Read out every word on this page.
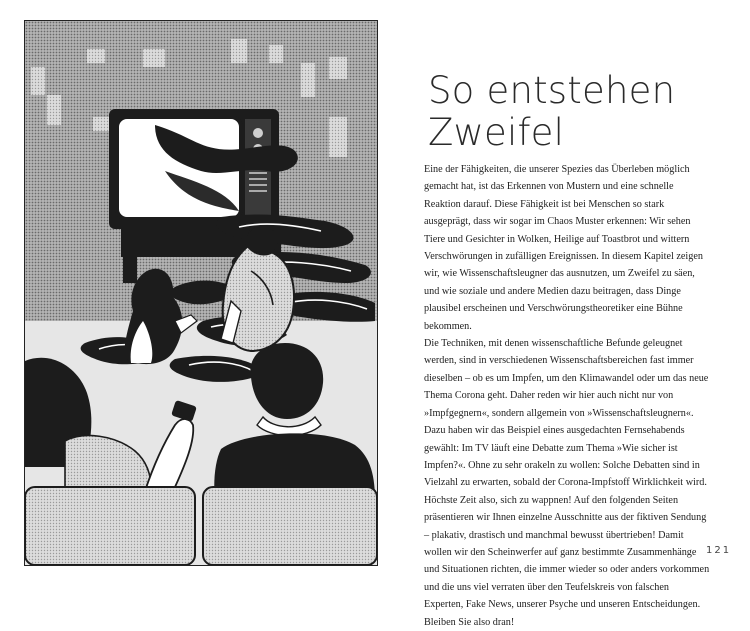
So entstehen
Zweifel

Eine der Fähigkeiten, die unserer Spezies das Überleben möglich gemacht hat, ist das Erkennen von Mustern und eine schnelle Reaktion darauf. Diese Fähigkeit ist bei Menschen so stark ausgeprägt, dass wir sogar im Chaos Muster erkennen: Wir sehen Tiere und Gesichter in Wolken, Heilige auf Toastbrot und wittern Verschwörungen in zufälligen Ereignissen. In diesem Kapitel zeigen wir, wie Wissenschaftsleugner das ausnutzen, um Zweifel zu säen, und wie soziale und andere Medien dazu beitragen, dass Dinge plausibel erscheinen und Verschwörungstheoretiker eine Bühne bekommen.

Die Techniken, mit denen wissenschaftliche Befunde geleugnet werden, sind in verschiedenen Wissenschaftsbereichen fast immer dieselben – ob es um Impfen, um den Klimawandel oder um das neue Thema Corona geht. Daher reden wir hier auch nicht nur von »Impfgegnern«, sondern allgemein von »Wissenschaftsleugnern«.

Dazu haben wir das Beispiel eines ausgedachten Fernsehabends gewählt: Im TV läuft eine Debatte zum Thema »Wie sicher ist Impfen?«. Ohne zu sehr orakeln zu wollen: Solche Debatten sind in Vielzahl zu erwarten, sobald der Corona-Impfstoff Wirklichkeit wird. Höchste Zeit also, sich zu wappnen! Auf den folgenden Seiten präsentieren wir Ihnen einzelne Ausschnitte aus der fiktiven Sendung – plakativ, drastisch und manchmal bewusst übertrieben! Damit wollen wir den Scheinwerfer auf ganz bestimmte Zusammenhänge und Situationen richten, die immer wieder so oder anders vorkommen und die uns viel verraten über den Teufelskreis von falschen Experten, Fake News, unserer Psyche und unseren Entscheidungen. Bleiben Sie also dran!

121
